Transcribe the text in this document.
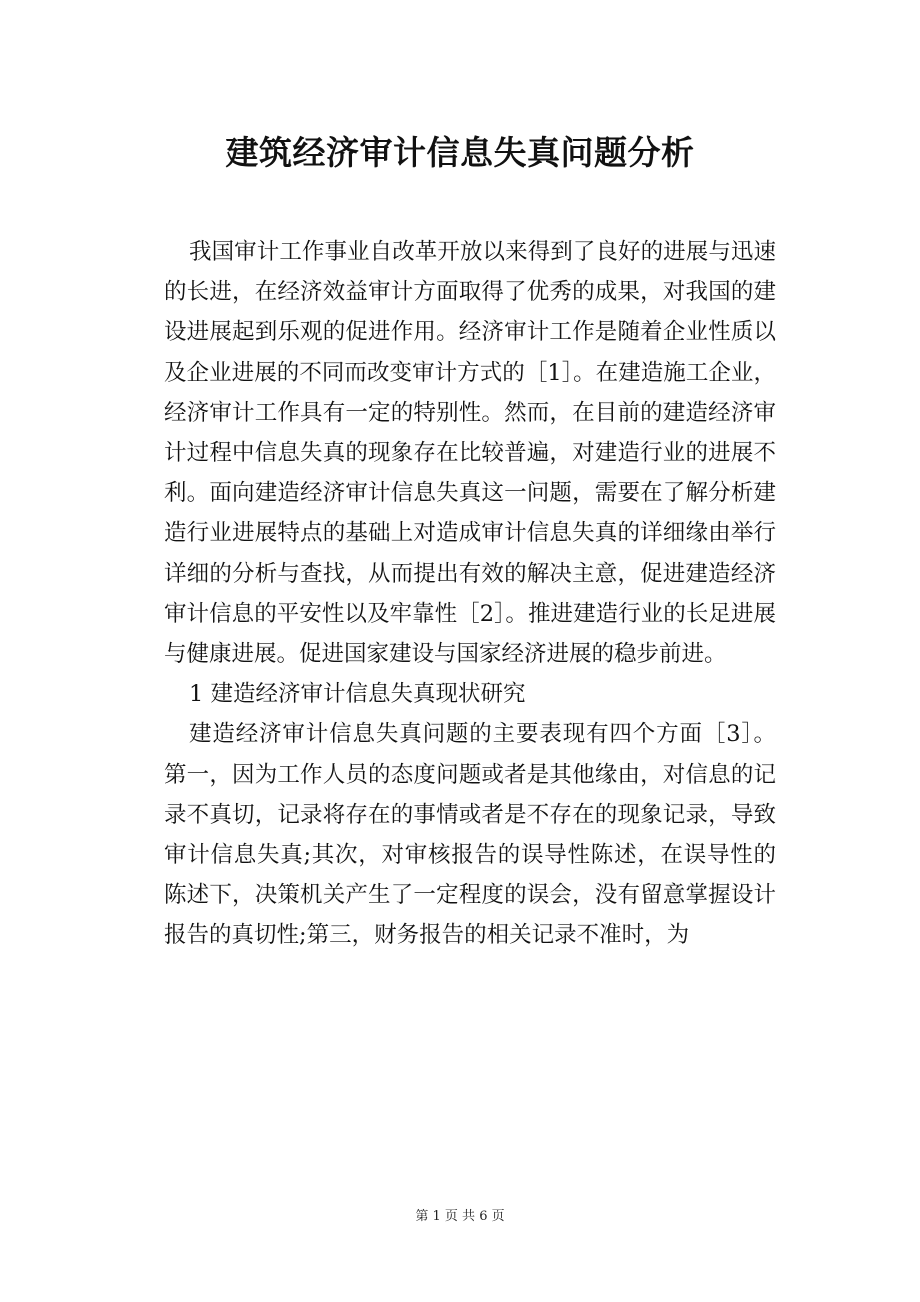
建筑经济审计信息失真问题分析

我国审计工作事业自改革开放以来得到了良好的进展与迅速的长进，在经济效益审计方面取得了优秀的成果，对我国的建设进展起到乐观的促进作用。经济审计工作是随着企业性质以及企业进展的不同而改变审计方式的［1］。在建造施工企业，经济审计工作具有一定的特别性。然而，在目前的建造经济审计过程中信息失真的现象存在比较普遍，对建造行业的进展不利。面向建造经济审计信息失真这一问题，需要在了解分析建造行业进展特点的基础上对造成审计信息失真的详细缘由举行详细的分析与查找，从而提出有效的解决主意，促进建造经济审计信息的平安性以及牢靠性［2］。推进建造行业的长足进展与健康进展。促进国家建设与国家经济进展的稳步前进。

1 建造经济审计信息失真现状研究

建造经济审计信息失真问题的主要表现有四个方面［3］。第一，因为工作人员的态度问题或者是其他缘由，对信息的记录不真切，记录将存在的事情或者是不存在的现象记录，导致审计信息失真;其次，对审核报告的误导性陈述，在误导性的陈述下，决策机关产生了一定程度的误会，没有留意掌握设计报告的真切性;第三，财务报告的相关记录不准时，为

第 1 页 共 6 页
